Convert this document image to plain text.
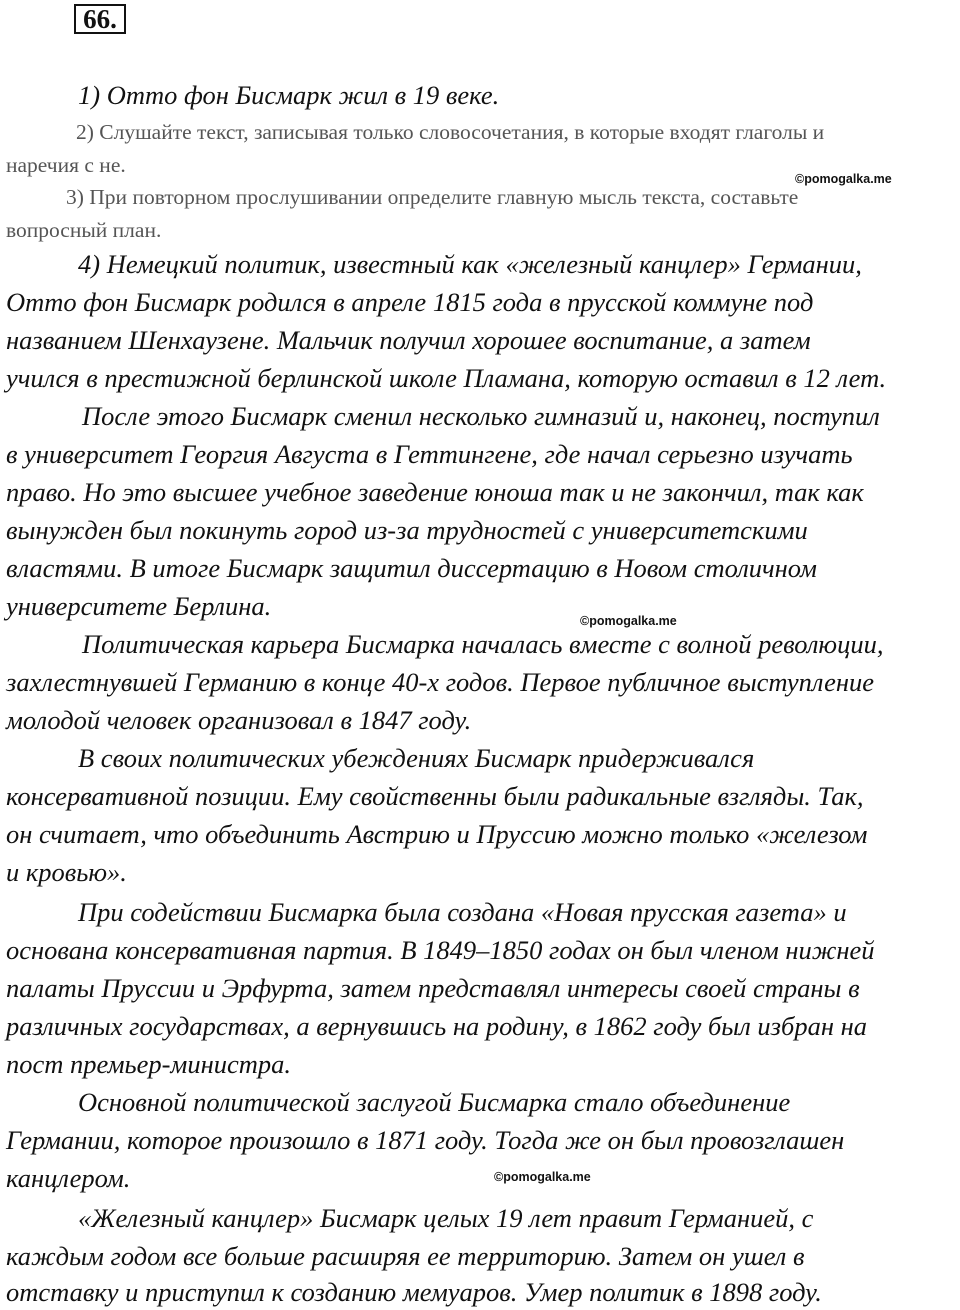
66.
1) Отто фон Бисмарк жил в 19 веке.
2) Слушайте текст, записывая только словосочетания, в которые входят глаголы и
наречия с не.
©pomogalka.me
3) При повторном прослушивании определите главную мысль текста, составьте
вопросный план.
4) Немецкий политик, известный как «железный канцлер» Германии,
Отто фон Бисмарк родился в апреле 1815 года в прусской коммуне под
названием Шенхаузене. Мальчик получил хорошее воспитание, а затем
учился в престижной берлинской школе Пламана, которую оставил в 12 лет.
После этого Бисмарк сменил несколько гимназий и, наконец, поступил
в университет Георгия Августа в Геттингене, где начал серьезно изучать
право. Но это высшее учебное заведение юноша так и не закончил, так как
вынужден был покинуть город из-за трудностей с университетскими
властями. В итоге Бисмарк защитил диссертацию в Новом столичном
университете Берлина.	©pomogalka.me
Политическая карьера Бисмарка началась вместе с волной революции,
захлестнувшей Германию в конце 40-х годов. Первое публичное выступление
молодой человек организовал в 1847 году.
В своих политических убеждениях Бисмарк придерживался
консервативной позиции. Ему свойственны были радикальные взгляды. Так,
он считает, что объединить Австрию и Пруссию можно только «железом
и кровью».
При содействии Бисмарка была создана «Новая прусская газета» и
основана консервативная партия. В 1849–1850 годах он был членом нижней
палаты Пруссии и Эрфурта, затем представлял интересы своей страны в
различных государствах, а вернувшись на родину, в 1862 году был избран на
пост премьер-министра.
Основной политической заслугой Бисмарка стало объединение
Германии, которое произошло в 1871 году. Тогда же он был провозглашен
канцлером.	©pomogalka.me
«Железный канцлер» Бисмарк целых 19 лет правит Германией, с
каждым годом все больше расширяя ее территорию. Затем он ушел в
отставку и приступил к созданию мемуаров. Умер политик в 1898 году.
